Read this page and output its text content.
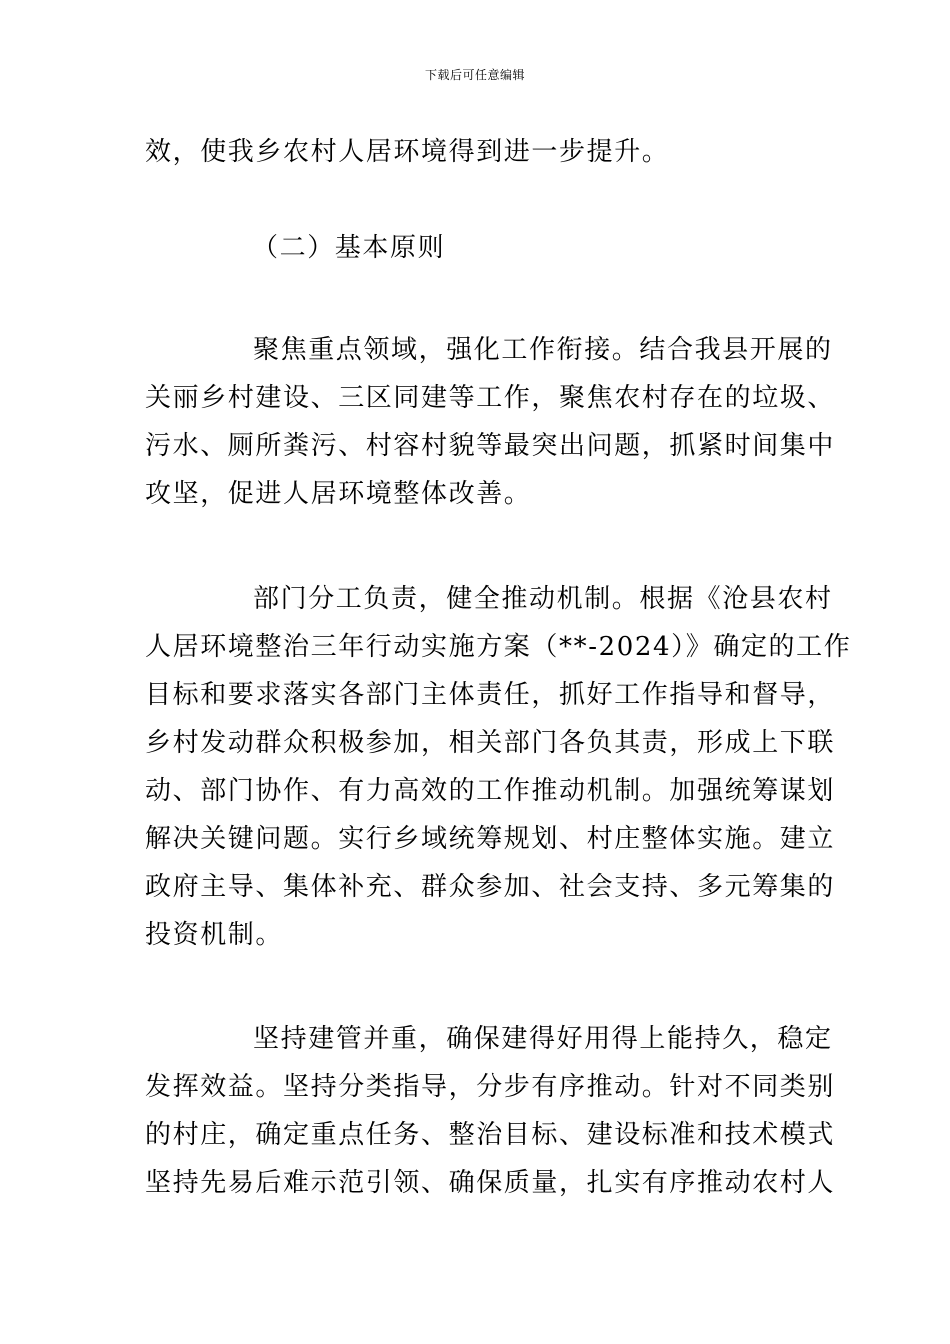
下载后可任意编辑
效，使我乡农村人居环境得到进一步提升。
（二）基本原则
聚焦重点领域，强化工作衔接。结合我县开展的
关丽乡村建设、三区同建等工作，聚焦农村存在的垃圾、
污水、厕所粪污、村容村貌等最突出问题，抓紧时间集中
攻坚，促进人居环境整体改善。
部门分工负责，健全推动机制。根据《沧县农村
人居环境整治三年行动实施方案（**-2024）》确定的工作
目标和要求落实各部门主体责任，抓好工作指导和督导，
乡村发动群众积极参加，相关部门各负其责，形成上下联
动、部门协作、有力高效的工作推动机制。加强统筹谋划
解决关键问题。实行乡域统筹规划、村庄整体实施。建立
政府主导、集体补充、群众参加、社会支持、多元筹集的
投资机制。
坚持建管并重，确保建得好用得上能持久，稳定
发挥效益。坚持分类指导，分步有序推动。针对不同类别
的村庄，确定重点任务、整治目标、建设标准和技术模式
坚持先易后难示范引领、确保质量，扎实有序推动农村人
